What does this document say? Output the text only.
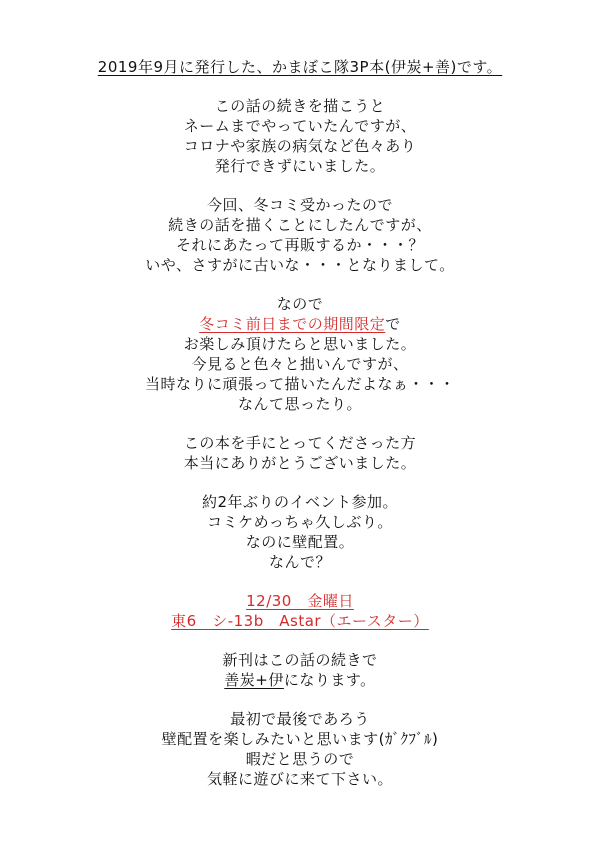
2019年9月に発行した、かまぼこ隊3P本(伊炭+善)です。
この話の続きを描こうと
ネームまでやっていたんですが、
コロナや家族の病気など色々あり
発行できずにいました。
今回、冬コミ受かったので
続きの話を描くことにしたんですが、
それにあたって再販するか・・・？
いや、さすがに古いな・・・となりまして。
なので
冬コミ前日までの期間限定で
お楽しみ頂けたらと思いました。
今見ると色々と拙いんですが、
当時なりに頑張って描いたんだよなぁ・・・
なんて思ったり。
この本を手にとってくださった方
本当にありがとうございました。
約2年ぶりのイベント参加。
コミケめっちゃ久しぶり。
なのに壁配置。
なんで？
12/30　金曜日
東6　シ-13b　Astar（エースター）
新刊はこの話の続きで
善炭+伊になります。
最初で最後であろう
壁配置を楽しみたいと思います(ｶﾞｸﾌﾞﾙ)
暇だと思うので
気軽に遊びに来て下さい。
